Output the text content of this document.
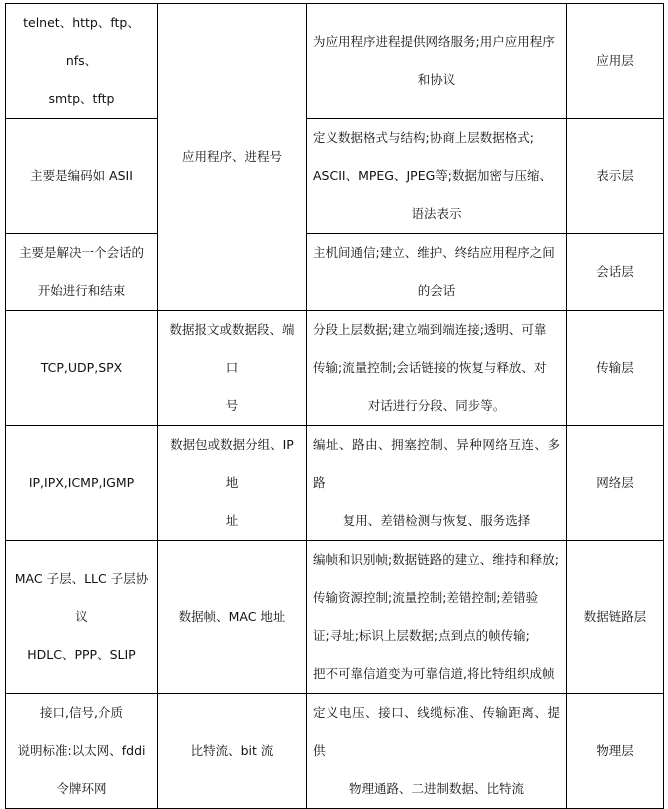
telnet、http、ftp、nfs、
smtp、tftp	应用程序、进程号	为应用程序进程提供网络服务;用户应用程序
和协议	应用层

主要是编码如 ASII		定义数据格式与结构;协商上层数据格式;
ASCII、MPEG、JPEG等;数据加密与压缩、
语法表示	表示层

主要是解决一个会话的
开始进行和结束		主机间通信;建立、维护、终结应用程序之间
的会话	会话层

TCP,UDP,SPX	数据报文或数据段、端口
号	分段上层数据;建立端到端连接;透明、可靠
传输;流量控制;会话链接的恢复与释放、对
对话进行分段、同步等。	传输层

IP,IPX,ICMP,IGMP	数据包或数据分组、IP 地
址	编址、路由、拥塞控制、异种网络互连、多路
复用、差错检测与恢复、服务选择	网络层

MAC 子层、LLC 子层协
议
HDLC、PPP、SLIP	数据帧、MAC 地址	编帧和识别帧;数据链路的建立、维持和释放;
传输资源控制;流量控制;差错控制;差错验
证;寻址;标识上层数据;点到点的帧传输;
把不可靠信道变为可靠信道,将比特组织成帧	数据链路层

接口,信号,介质
说明标准:以太网、fddi
令牌环网	比特流、bit 流	定义电压、接口、线缆标准、传输距离、提供
物理通路、二进制数据、比特流	物理层
